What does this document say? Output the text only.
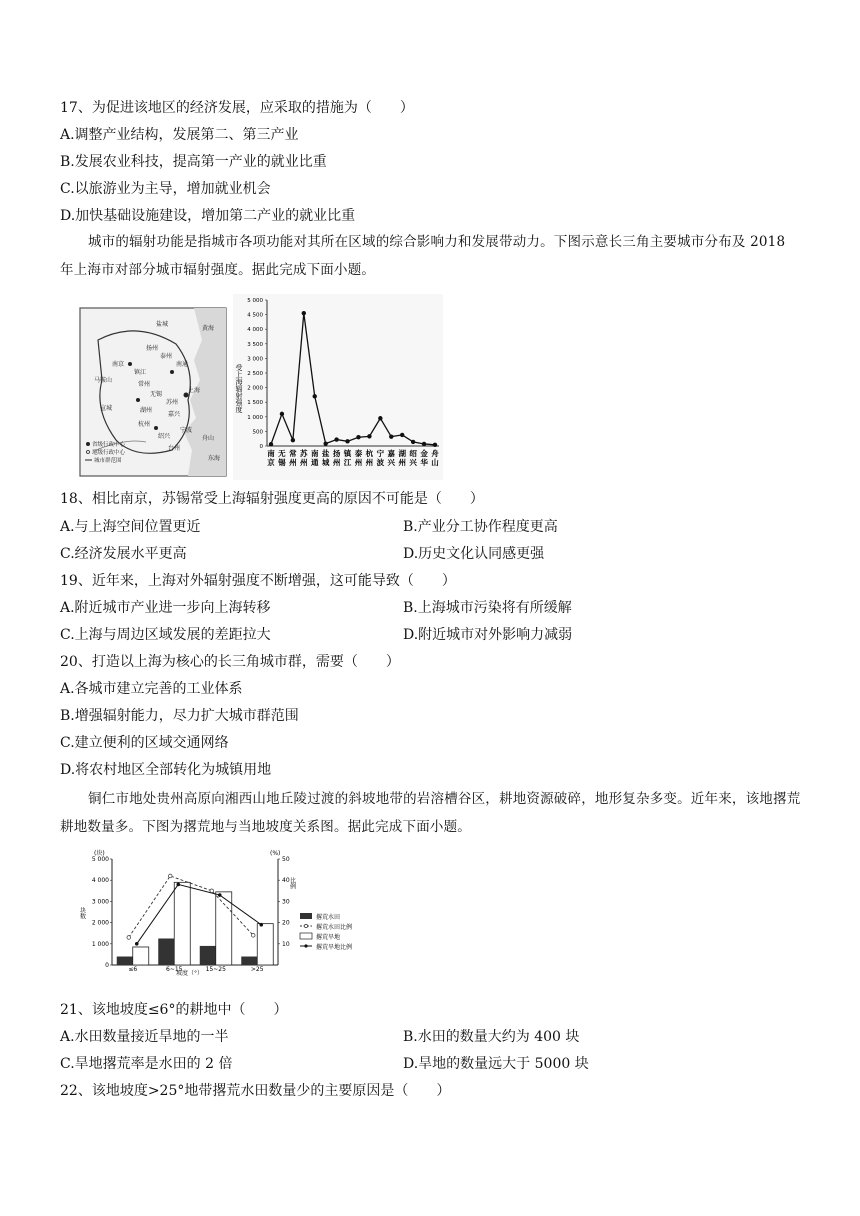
17、为促进该地区的经济发展，应采取的措施为（　　）
A.调整产业结构，发展第二、第三产业
B.发展农业科技，提高第一产业的就业比重
C.以旅游业为主导，增加就业机会
D.加快基础设施建设，增加第二产业的就业比重
城市的辐射功能是指城市各项功能对其所在区域的综合影响力和发展带动力。下图示意长三角主要城市分布及 2018 年上海市对部分城市辐射强度。据此完成下面小题。
黄海
盐城
扬州
泰州
南通
南京
镇江
常州
无锡
马鞍山
苏州
上海
宣城	湖州
嘉兴
杭州
宁波
绍兴	舟山
台州
东海
省级行政中心
地级行政中心
城市群范围
5 000
4 500
4 000
3 500
3 000
2 500
2 000
1 500
1 000
500
0
南
京
无
锡
常
州
苏
州
南
通
盐
城
扬
州
镇
江
泰
州
杭
州
宁
波
嘉
兴
湖
州
绍
兴
金
华
舟
山
受上海辐射强度
18、相比南京，苏锡常受上海辐射强度更高的原因不可能是（　　）
A.与上海空间位置更近	B.产业分工协作程度更高
C.经济发展水平更高	D.历史文化认同感更强
19、近年来，上海对外辐射强度不断增强，这可能导致（　　）
A.附近城市产业进一步向上海转移	B.上海城市污染将有所缓解
C.上海与周边区域发展的差距拉大	D.附近城市对外影响力减弱
20、打造以上海为核心的长三角城市群，需要（　　）
A.各城市建立完善的工业体系
B.增强辐射能力，尽力扩大城市群范围
C.建立便利的区域交通网络
D.将农村地区全部转化为城镇用地
铜仁市地处贵州高原向湘西山地丘陵过渡的斜坡地带的岩溶槽谷区，耕地资源破碎，地形复杂多变。近年来，该地撂荒耕地数量多。下图为撂荒地与当地坡度关系图。据此完成下面小题。
(块)	(%)
块数
比例
5 000
4 000
3 000
2 000
1 000
0
50
40
30
20
10
≤6	6~15	15~25	>25
坡度（°）
撂荒水田
撂荒水田比例
撂荒旱地
撂荒旱地比例
21、该地坡度≤6°的耕地中（　　）
A.水田数量接近旱地的一半	B.水田的数量大约为 400 块
C.旱地撂荒率是水田的 2 倍	D.旱地的数量远大于 5000 块
22、该地坡度>25°地带撂荒水田数量少的主要原因是（　　）
